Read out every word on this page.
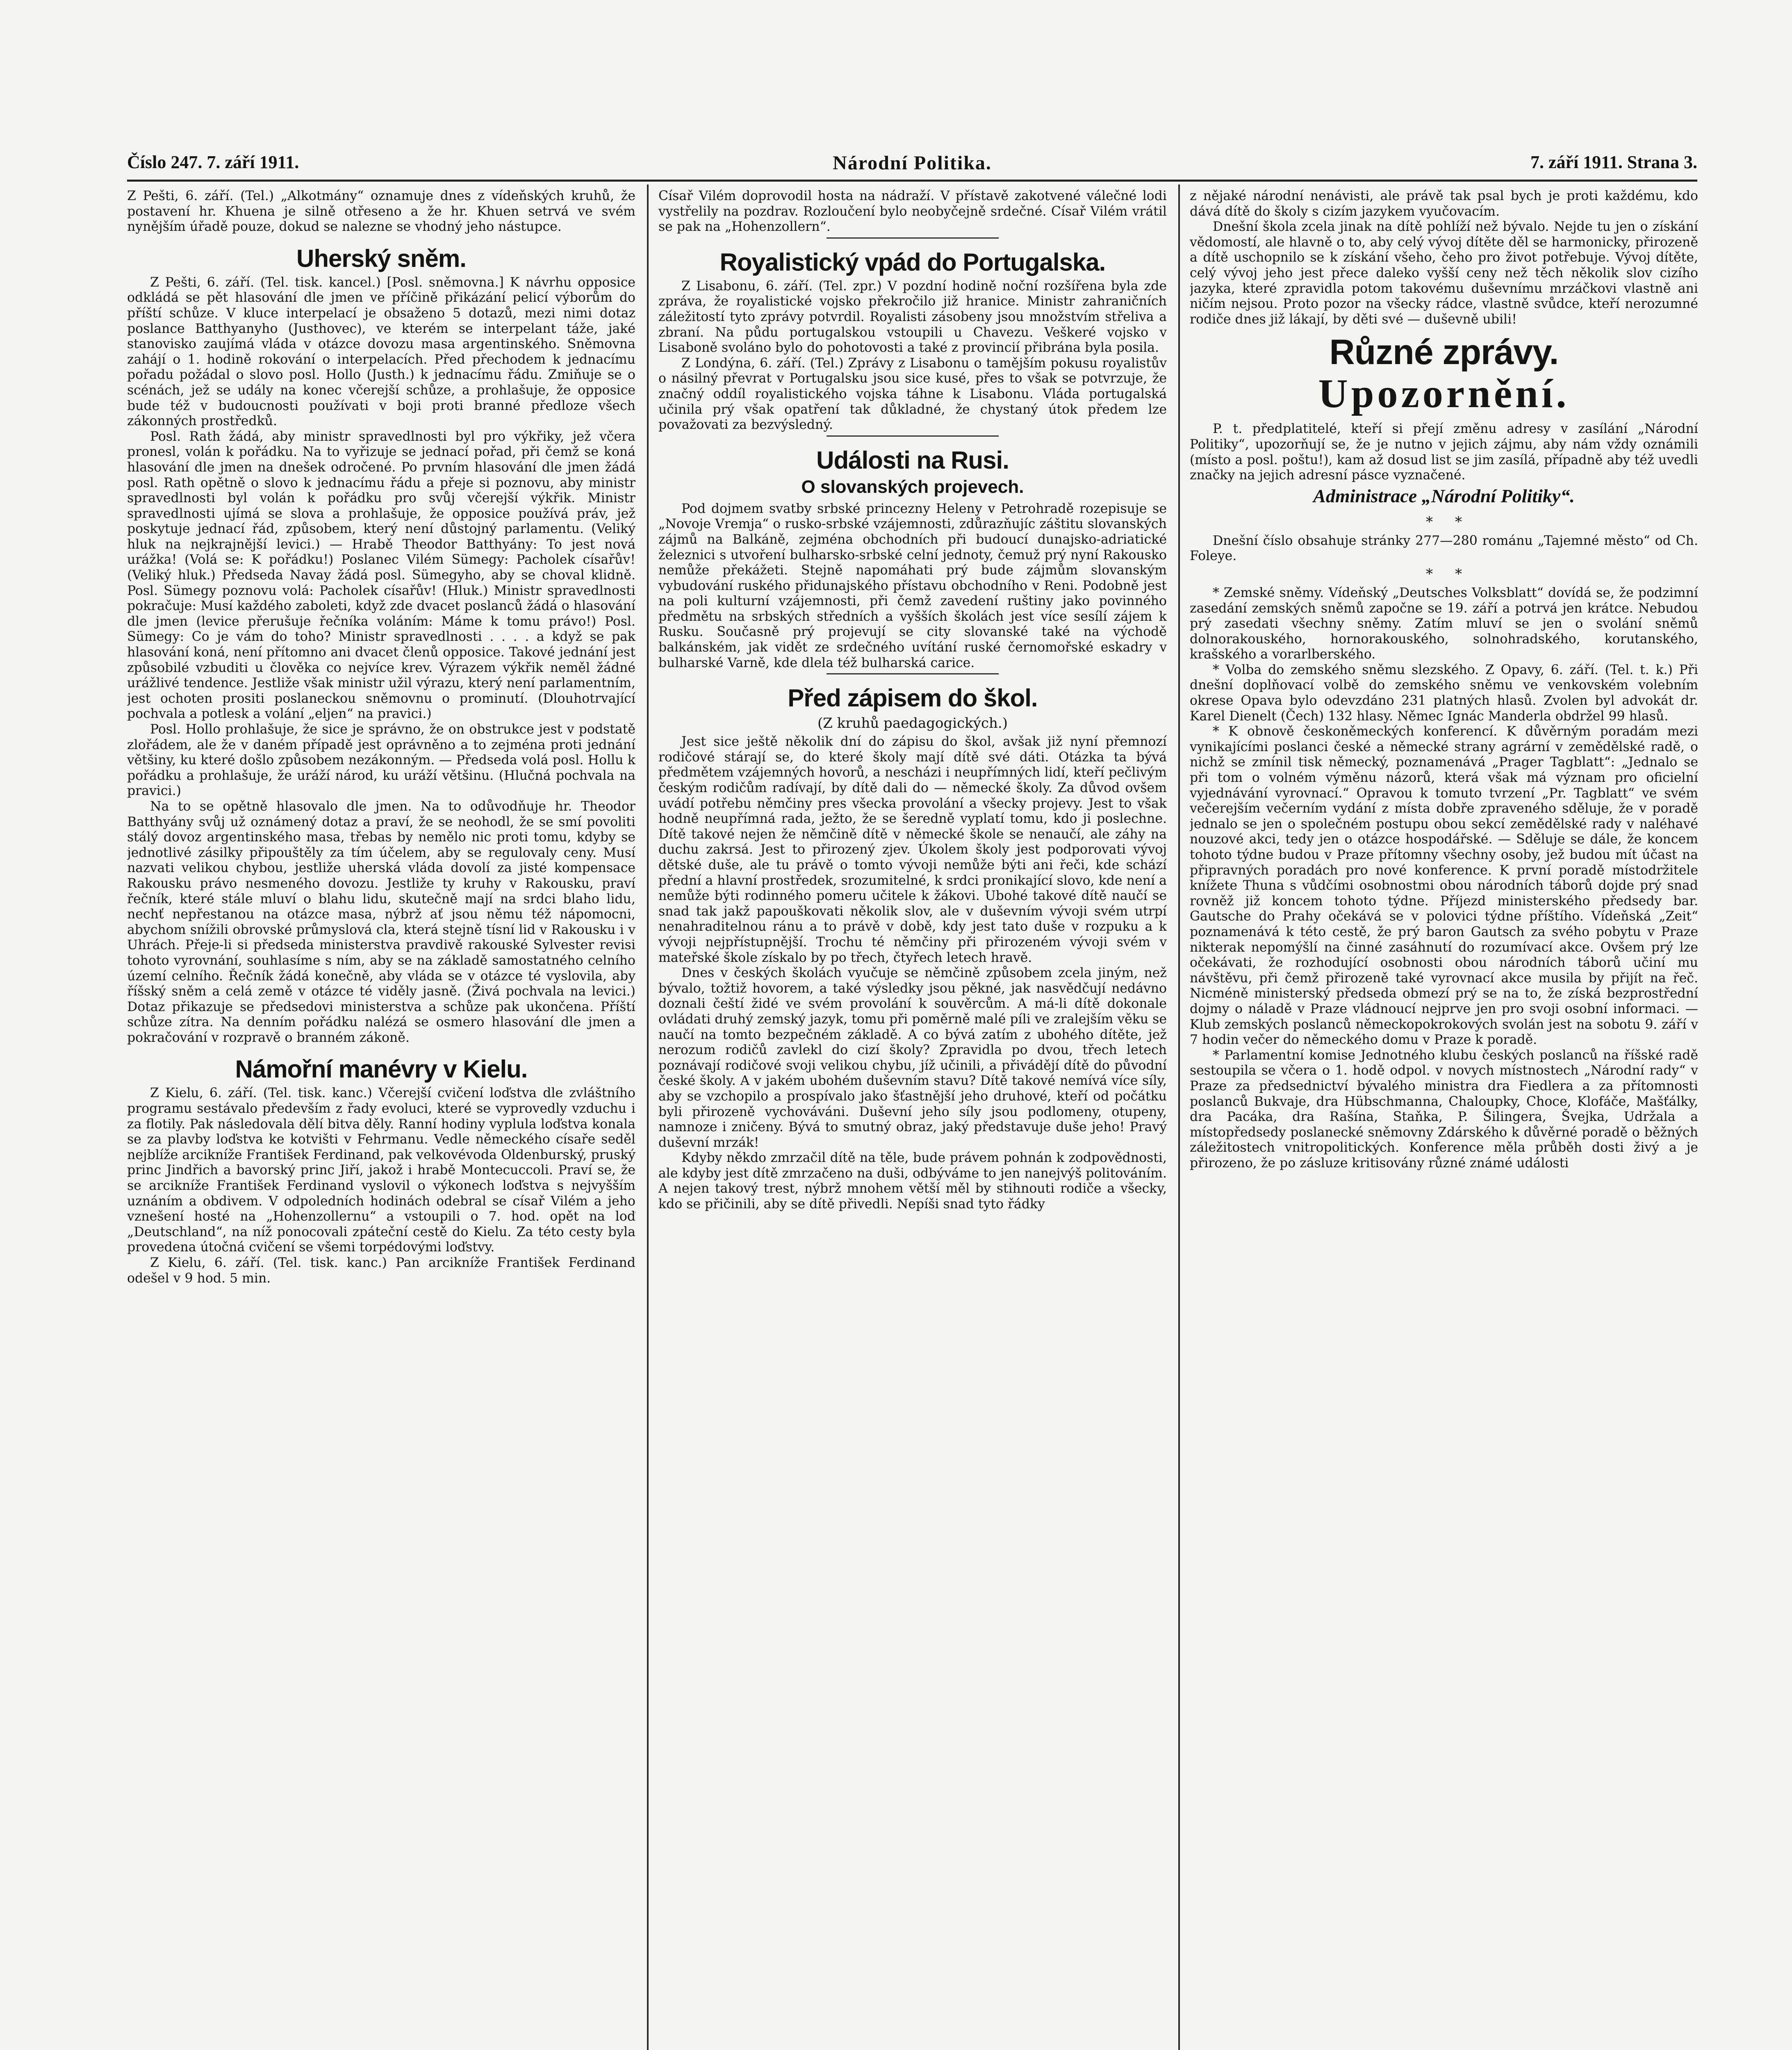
Číslo 247. 7. září 1911.	Národní Politika.	7. září 1911. Strana 3.

Z Pešti, 6. září. (Tel.) „Alkotmány“ oznamuje dnes z vídeňských kruhů, že postavení hr. Khuena je silně otřeseno a že hr. Khuen setrvá ve svém nynějším úřadě pouze, dokud se nalezne se vhodný jeho nástupce.

Uherský sněm.

Z Pešti, 6. září. (Tel. tisk. kancel.) [Posl. sněmovna.] K návrhu opposice odkládá se pět hlasování dle jmen ve příčině přikázání pelicí výborům do příští schůze. V kluce interpelací je obsaženo 5 dotazů, mezi nimi dotaz poslance Batthyanyho (Justhovec), ve kterém se interpelant táže, jaké stanovisko zaujímá vláda v otázce dovozu masa argentinského. Sněmovna zahájí o 1. hodině rokování o interpelacích. Před přechodem k jednacímu pořadu požádal o slovo posl. Hollo (Justh.) k jednacímu řádu. Zmiňuje se o scénách, jež se udály na konec včerejší schůze, a prohlašuje, že opposice bude též v budoucnosti používati v boji proti branné předloze všech zákonných prostředků.

Posl. Rath žádá, aby ministr spravedlnosti byl pro výkřiky, jež včera pronesl, volán k pořádku. Na to vyřizuje se jednací pořad, při čemž se koná hlasování dle jmen na dnešek odročené. Po prvním hlasování dle jmen žádá posl. Rath opětně o slovo k jednacímu řádu a přeje si poznovu, aby ministr spravedlnosti byl volán k pořádku pro svůj včerejší výkřik. Ministr spravedlnosti ujímá se slova a prohlašuje, že opposice používá práv, jež poskytuje jednací řád, způsobem, který není důstojný parlamentu. (Veliký hluk na nejkrajnější levici.) — Hrabě Theodor Batthyány: To jest nová urážka! (Volá se: K pořádku!) Poslanec Vilém Sümegy: Pacholek císařův! (Veliký hluk.) Předseda Navay žádá posl. Sümegyho, aby se choval klidně. Posl. Sümegy poznovu volá: Pacholek císařův! (Hluk.) Ministr spravedlnosti pokračuje: Musí každého zaboleti, když zde dvacet poslanců žádá o hlasování dle jmen (levice přerušuje řečníka voláním: Máme k tomu právo!) Posl. Sümegy: Co je vám do toho? Ministr spravedlnosti . . . . a když se pak hlasování koná, není přítomno ani dvacet členů opposice. Takové jednání jest způsobilé vzbuditi u člověka co nejvíce krev. Výrazem výkřik neměl žádné urážlivé tendence. Jestliže však ministr užil výrazu, který není parlamentním, jest ochoten prositi poslaneckou sněmovnu o prominutí. (Dlouhotrvající pochvala a potlesk a volání „eljen“ na pravici.)

Posl. Hollo prohlašuje, že sice je správno, že on obstrukce jest v podstatě zlořádem, ale že v daném případě jest oprávněno a to zejména proti jednání většiny, ku které došlo způsobem nezákonným. — Předseda volá posl. Hollu k pořádku a prohlašuje, že uráží národ, ku uráží většinu. (Hlučná pochvala na pravici.)

Na to se opětně hlasovalo dle jmen. Na to odůvodňuje hr. Theodor Batthyány svůj už oznámený dotaz a praví, že se neohodl, že se smí povoliti stálý dovoz argentinského masa, třebas by nemělo nic proti tomu, kdyby se jednotlivé zásilky připouštěly za tím účelem, aby se regulovaly ceny. Musí nazvati velikou chybou, jestliže uherská vláda dovolí za jisté kompensace Rakousku právo nesmeného dovozu. Jestliže ty kruhy v Rakousku, praví řečník, které stále mluví o blahu lidu, skutečně mají na srdci blaho lidu, nechť nepřestanou na otázce masa, nýbrž ať jsou němu též nápomocni, abychom snížili obrovské průmyslová cla, která stejně tísní lid v Rakousku i v Uhrách. Přeje-li si předseda ministerstva pravdivě rakouské Sylvester revisi tohoto vyrovnání, souhlasíme s ním, aby se na základě samostatného celního území celního. Řečník žádá konečně, aby vláda se v otázce té vyslovila, aby říšský sněm a celá země v otázce té viděly jasně. (Živá pochvala na levici.) Dotaz přikazuje se předsedovi ministerstva a schůze pak ukončena. Příští schůze zítra. Na denním pořádku nalézá se osmero hlasování dle jmen a pokračování v rozpravě o branném zákoně.

Námořní manévry v Kielu.

Z Kielu, 6. září. (Tel. tisk. kanc.) Včerejší cvičení loďstva dle zvláštního programu sestávalo především z řady evoluci, které se vyprovedly vzduchu i za flotily. Pak následovala dělí bitva děly. Ranní hodiny vyplula loďstva konala se za plavby loďstva ke kotvišti v Fehrmanu. Vedle německého císaře seděl nejblíže arcikníže František Ferdinand, pak velkovévoda Oldenburský, pruský princ Jindřich a bavorský princ Jiří, jakož i hrabě Montecuccoli. Praví se, že se arcikníže František Ferdinand vyslovil o výkonech loďstva s nejvyšším uznáním a obdivem. V odpoledních hodinách odebral se císař Vilém a jeho vznešení hosté na „Hohenzollernu“ a vstoupili o 7. hod. opět na loď „Deutschland“, na níž ponocovali zpáteční cestě do Kielu. Za této cesty byla provedena útočná cvičení se všemi torpédovými loďstvy.

Z Kielu, 6. září. (Tel. tisk. kanc.) Pan arcikníže František Ferdinand odešel v 9 hod. 5 min.

Císař Vilém doprovodil hosta na nádraží. V přístavě zakotvené válečné lodi vystřelily na pozdrav. Rozloučení bylo neobyčejně srdečné. Císař Vilém vrátil se pak na „Hohenzollern“.

Royalistický vpád do Portugalska.

Z Lisabonu, 6. září. (Tel. zpr.) V pozdní hodině noční rozšířena byla zde zpráva, že royalistické vojsko překročilo již hranice. Ministr zahraničních záležitostí tyto zprávy potvrdil. Royalisti zásobeny jsou množstvím střeliva a zbraní. Na půdu portugalskou vstoupili u Chavezu. Veškeré vojsko v Lisaboně svoláno bylo do pohotovosti a také z provincií přibrána byla posila.

Z Londýna, 6. září. (Tel.) Zprávy z Lisabonu o tamějším pokusu royalistův o násilný převrat v Portugalsku jsou sice kusé, přes to však se potvrzuje, že značný oddíl royalistického vojska táhne k Lisabonu. Vláda portugalská učinila prý však opatření tak důkladné, že chystaný útok předem lze považovati za bezvýsledný.

Události na Rusi.
O slovanských projevech.

Pod dojmem svatby srbské princezny Heleny v Petrohradě rozepisuje se „Novoje Vremja“ o rusko-srbské vzájemnosti, zdůrazňujíc záštitu slovanských zájmů na Balkáně, zejména obchodních při budoucí dunajsko-adriatické železnici s utvoření bulharsko-srbské celní jednoty, čemuž prý nyní Rakousko nemůže překážeti. Stejně napomáhati prý bude zájmům slovanským vybudování ruského přidunajského přístavu obchodního v Reni. Podobně jest na poli kulturní vzájemnosti, při čemž zavedení ruštiny jako povinného předmětu na srbských středních a vyšších školách jest více sesílí zájem k Rusku. Současně prý projevují se city slovanské také na východě balkánském, jak vidět ze srdečného uvítání ruské černomořské eskadry v bulharské Varně, kde dlela též bulharská carice.

Před zápisem do škol.
(Z kruhů paedagogických.)

Jest sice ještě několik dní do zápisu do škol, avšak již nyní přemnozí rodičové stárají se, do které školy mají dítě své dáti. Otázka ta bývá předmětem vzájemných hovorů, a nescházi i neupřímných lidí, kteří pečlivým českým rodičům radívají, by dítě dali do — německé školy. Za důvod ovšem uvádí potřebu němčiny pres všecka provolání a všecky projevy. Jest to však hodně neupřímná rada, ježto, že se šeredně vyplatí tomu, kdo ji poslechne. Dítě takové nejen že němčině dítě v německé škole se nenaučí, ale záhy na duchu zakrsá. Jest to přirozený zjev. Úkolem školy jest podporovati vývoj dětské duše, ale tu právě o tomto vývoji nemůže býti ani řeči, kde schází přední a hlavní prostředek, srozumitelné, k srdci pronikající slovo, kde není a nemůže býti rodinného pomeru učitele k žákovi. Ubohé takové dítě naučí se snad tak jakž papouškovati několik slov, ale v duševním vývoji svém utrpí nenahraditelnou ránu a to právě v době, kdy jest tato duše v rozpuku a k vývoji nejpřístupnější. Trochu té němčiny při přirozeném vývoji svém v mateřské škole získalo by po třech, čtyřech letech hravě.

Dnes v českých školách vyučuje se němčině způsobem zcela jiným, než bývalo, tožtiž hovorem, a také výsledky jsou pěkné, jak nasvědčují nedávno doznali čeští židé ve svém provolání k souvěrcům. A má-li dítě dokonale ovládati druhý zemský jazyk, tomu při poměrně malé píli ve zralejším věku se naučí na tomto bezpečném základě. A co bývá zatím z ubohého dítěte, jež nerozum rodičů zavlekl do cizí školy? Zpravidla po dvou, třech letech poznávají rodičové svoji velikou chybu, jíž učinili, a přivádějí dítě do původní české školy. A v jakém ubohém duševním stavu? Dítě takové nemívá více síly, aby se vzchopilo a prospívalo jako šťastnější jeho druhové, kteří od počátku byli přirozeně vychováváni. Duševní jeho síly jsou podlomeny, otupeny, namnoze i zničeny. Bývá to smutný obraz, jaký představuje duše jeho! Pravý duševní mrzák!

Kdyby někdo zmrzačil dítě na těle, bude právem pohnán k zodpovědnosti, ale kdyby jest dítě zmrzačeno na duši, odbýváme to jen nanejvýš politováním. A nejen takový trest, nýbrž mnohem větší měl by stihnouti rodiče a všecky, kdo se přičinili, aby se dítě přivedli. Nepíši snad tyto řádky

z nějaké národní nenávisti, ale právě tak psal bych je proti každému, kdo dává dítě do školy s cizím jazykem vyučovacím.

Dnešní škola zcela jinak na dítě pohlíží než bývalo. Nejde tu jen o získání vědomostí, ale hlavně o to, aby celý vývoj dítěte děl se harmonicky, přirozeně a dítě uschopnilo se k získání všeho, čeho pro život potřebuje. Vývoj dítěte, celý vývoj jeho jest přece daleko vyšší ceny než těch několik slov cizího jazyka, které zpravidla potom takovému duševnímu mrzáčkovi vlastně ani ničím nejsou. Proto pozor na všecky rádce, vlastně svůdce, kteří nerozumné rodiče dnes již lákají, by děti své — duševně ubili!

Různé zprávy.
Upozornění.

P. t. předplatitelé, kteří si přejí změnu adresy v zasílání „Národní Politiky“, upozorňují se, že je nutno v jejich zájmu, aby nám vždy oznámili (místo a posl. poštu!), kam až dosud list se jim zasílá, případně aby též uvedli značky na jejich adresní pásce vyznačené.

Administrace „Národní Politiky“.
*     *

Dnešní číslo obsahuje stránky 277—280 románu „Tajemné město“ od Ch. Foleye.

*     *

* Zemské sněmy. Vídeňský „Deutsches Volksblatt“ dovídá se, že podzimní zasedání zemských sněmů započne se 19. září a potrvá jen krátce. Nebudou prý zasedati všechny sněmy. Zatím mluví se jen o svolání sněmů dolnorakouského, hornorakouského, solnohradského, korutanského, krašského a vorarlberského.

* Volba do zemského sněmu slezského. Z Opavy, 6. září. (Tel. t. k.) Při dnešní doplňovací volbě do zemského sněmu ve venkovském volebním okrese Opava bylo odevzdáno 231 platných hlasů. Zvolen byl advokát dr. Karel Dienelt (Čech) 132 hlasy. Němec Ignác Manderla obdržel 99 hlasů.

* K obnově českoněmeckých konferencí. K důvěrným poradám mezi vynikajícími poslanci české a německé strany agrární v zemědělské radě, o nichž se zmínil tisk německý, poznamenává „Prager Tagblatt“: „Jednalo se při tom o volném výměnu názorů, která však má význam pro oficielní vyjednávání vyrovnací.“ Opravou k tomuto tvrzení „Pr. Tagblatt“ ve svém večerejším večerním vydání z místa dobře zpraveného sděluje, že v poradě jednalo se jen o společném postupu obou sekcí zemědělské rady v naléhavé nouzové akci, tedy jen o otázce hospodářské. — Sděluje se dále, že koncem tohoto týdne budou v Praze přítomny všechny osoby, jež budou mít účast na připravných poradách pro nové konference. K první poradě místodržitele knížete Thuna s vůdčími osobnostmi obou národních táborů dojde prý snad rovněž již koncem tohoto týdne. Příjezd ministerského předsedy bar. Gautsche do Prahy očekává se v polovici týdne příštího. Vídeňská „Zeit“ poznamenává k této cestě, že prý baron Gautsch za svého pobytu v Praze nikterak nepomýšlí na činné zasáhnutí do rozumívací akce. Ovšem prý lze očekávati, že rozhodující osobnosti obou národních táborů učiní mu návštěvu, při čemž přirozeně také vyrovnací akce musila by přijít na řeč. Nicméně ministerský předseda obmezí prý se na to, že získá bezprostřední dojmy o náladě v Praze vládnoucí nejprve jen pro svoji osobní informaci. — Klub zemských poslanců německopokrokových svolán jest na sobotu 9. září v 7 hodin večer do německého domu v Praze k poradě.

* Parlamentní komise Jednotného klubu českých poslanců na říšské radě sestoupila se včera o 1. hodě odpol. v novych místnostech „Národní rady“ v Praze za předsednictví bývalého ministra dra Fiedlera a za přítomnosti poslanců Bukvaje, dra Hübschmanna, Chaloupky, Choce, Klofáče, Mašťálky, dra Pacáka, dra Rašína, Staňka, P. Šilingera, Švejka, Udržala a místopředsedy poslanecké sněmovny Zdárského k důvěrné poradě o běžných záležitostech vnitropolitických. Konference měla průběh dosti živý a je přirozeno, že po zásluze kritisovány různé známé události
